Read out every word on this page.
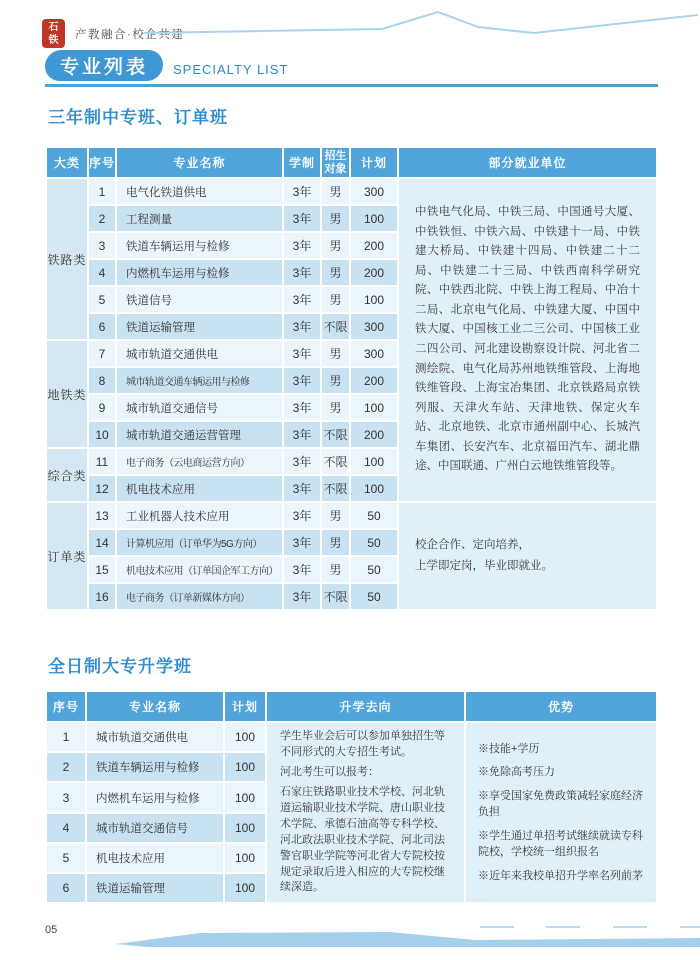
石
铁	产教融合·校企共建
专业列表 SPECIALTY LIST
三年制中专班、订单班
大类	序号	专业名称	学制	招生对象	计划	部分就业单位
铁路类	1	电气化铁道供电	3年	男	300	中铁电气化局、中铁三局、中国通号大厦、中铁铁恒、中铁六局、中铁建十一局、中铁建大桥局、中铁建十四局、中铁建二十二局、中铁建二十三局、中铁西南科学研究院、中铁西北院、中铁上海工程局、中冶十二局、北京电气化局、中铁建大厦、中国中铁大厦、中国核工业二三公司、中国核工业二四公司、河北建设勘察设计院、河北省二测绘院、电气化局苏州地铁维管段、上海地铁维管段、上海宝冶集团、北京铁路局京铁列服、天津火车站、天津地铁、保定火车站、北京地铁、北京市通州副中心、长城汽车集团、长安汽车、北京福田汽车、湖北鼎途、中国联通、广州白云地铁维管段等。
	2	工程测量	3年	男	100	
	3	铁道车辆运用与检修	3年	男	200	
	4	内燃机车运用与检修	3年	男	200	
	5	铁道信号	3年	男	100	
	6	铁道运输管理	3年	不限	300	
地铁类	7	城市轨道交通供电	3年	男	300	
	8	城市轨道交通车辆运用与检修	3年	男	200	
	9	城市轨道交通信号	3年	男	100	
	10	城市轨道交通运营管理	3年	不限	200	
综合类	11	电子商务（云电商运营方向）	3年	不限	100	
	12	机电技术应用	3年	不限	100	
订单类	13	工业机器人技术应用	3年	男	50	校企合作、定向培养，
上学即定岗，毕业即就业。

	14	计算机应用（订单华为5G方向）	3年	男	50	
	15	机电技术应用（订单国企军工方向）	3年	男	50	
	16	电子商务（订单新媒体方向）	3年	不限	50	
全日制大专升学班
序号	专业名称	计划	升学去向	优势
1	城市轨道交通供电	100	学生毕业会后可以参加单独招生等不同形式的大专招生考试。

河北考生可以报考：

石家庄铁路职业技术学校、河北轨道运输职业技术学院、唐山职业技术学院、承德石油高等专科学校、河北政法职业技术学院、河北司法警官职业学院等河北省大专院校按规定录取后进入相应的大专院校继续深造。

※技能+学历
※免除高考压力
※享受国家免费政策减轻家庭经济负担
※学生通过单招考试继续就读专科院校，学校统一组织报名
※近年来我校单招升学率名列前茅

2	铁道车辆运用与检修	100		
3	内燃机车运用与检修	100		
4	城市轨道交通信号	100		
5	机电技术应用	100		
6	铁道运输管理	100		
05
